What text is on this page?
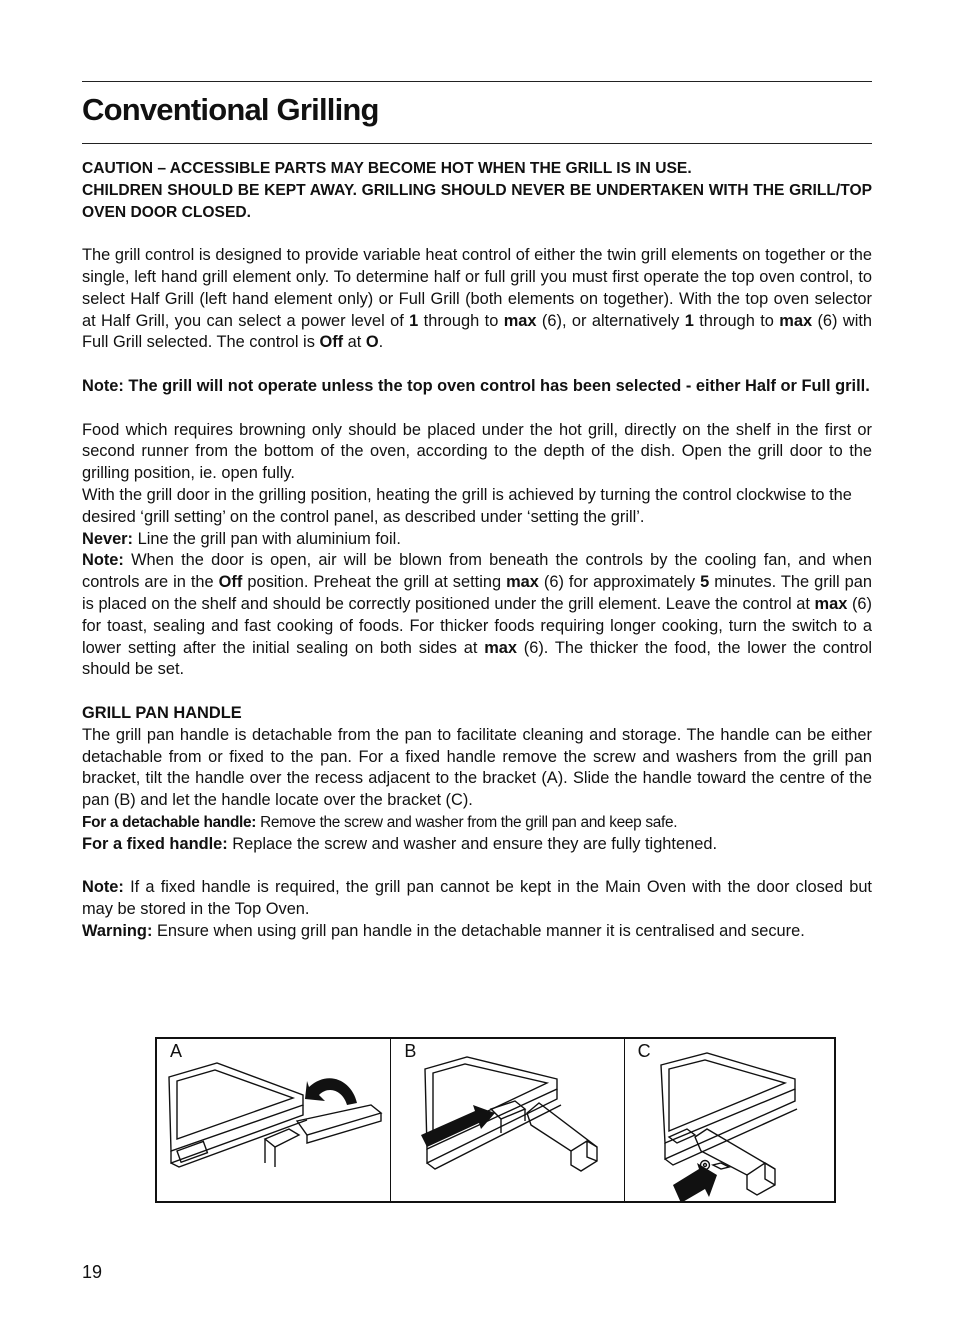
Conventional Grilling

CAUTION – ACCESSIBLE PARTS MAY BECOME HOT WHEN THE GRILL IS IN USE.

CHILDREN SHOULD BE KEPT AWAY. GRILLING SHOULD NEVER BE UNDERTAKEN WITH THE GRILL/TOP OVEN DOOR CLOSED.

The grill control is designed to provide variable heat control of either the twin grill elements on together or the single, left hand grill element only. To determine half or full grill you must first operate the top oven control, to select Half Grill (left hand element only) or Full Grill (both elements on together). With the top oven selector at Half Grill, you can select a power level of 1 through to max (6), or alternatively 1 through to max (6) with Full Grill selected. The control is Off at O.

Note: The grill will not operate unless the top oven control has been selected - either Half or Full grill.

Food which requires browning only should be placed under the hot grill, directly on the shelf in the first or second runner from the bottom of the oven, according to the depth of the dish. Open the grill door to the grilling position, ie. open fully.

With the grill door in the grilling position, heating the grill is achieved by turning the control clockwise to the desired ‘grill setting’ on the control panel, as described under ‘setting the grill’.

Never: Line the grill pan with aluminium foil.

Note: When the door is open, air will be blown from beneath the controls by the cooling fan, and when controls are in the Off position. Preheat the grill at setting max (6) for approximately 5 minutes. The grill pan is placed on the shelf and should be correctly positioned under the grill element. Leave the control at max (6) for toast, sealing and fast cooking of foods. For thicker foods requiring longer cooking, turn the switch to a lower setting after the initial sealing on both sides at max (6). The thicker the food, the lower the control should be set.

GRILL PAN HANDLE

The grill pan handle is detachable from the pan to facilitate cleaning and storage. The handle can be either detachable from or fixed to the pan. For a fixed handle remove the screw and washers from the grill pan bracket, tilt the handle over the recess adjacent to the bracket (A). Slide the handle toward the centre of the pan (B) and let the handle locate over the bracket (C).

For a detachable handle: Remove the screw and washer from the grill pan and keep safe.

For a fixed handle: Replace the screw and washer and ensure they are fully tightened.

Note: If a fixed handle is required, the grill pan cannot be kept in the Main Oven with the door closed but may be stored in the Top Oven.

Warning: Ensure when using grill pan handle in the detachable manner it is centralised and secure.

A	B	C
19
